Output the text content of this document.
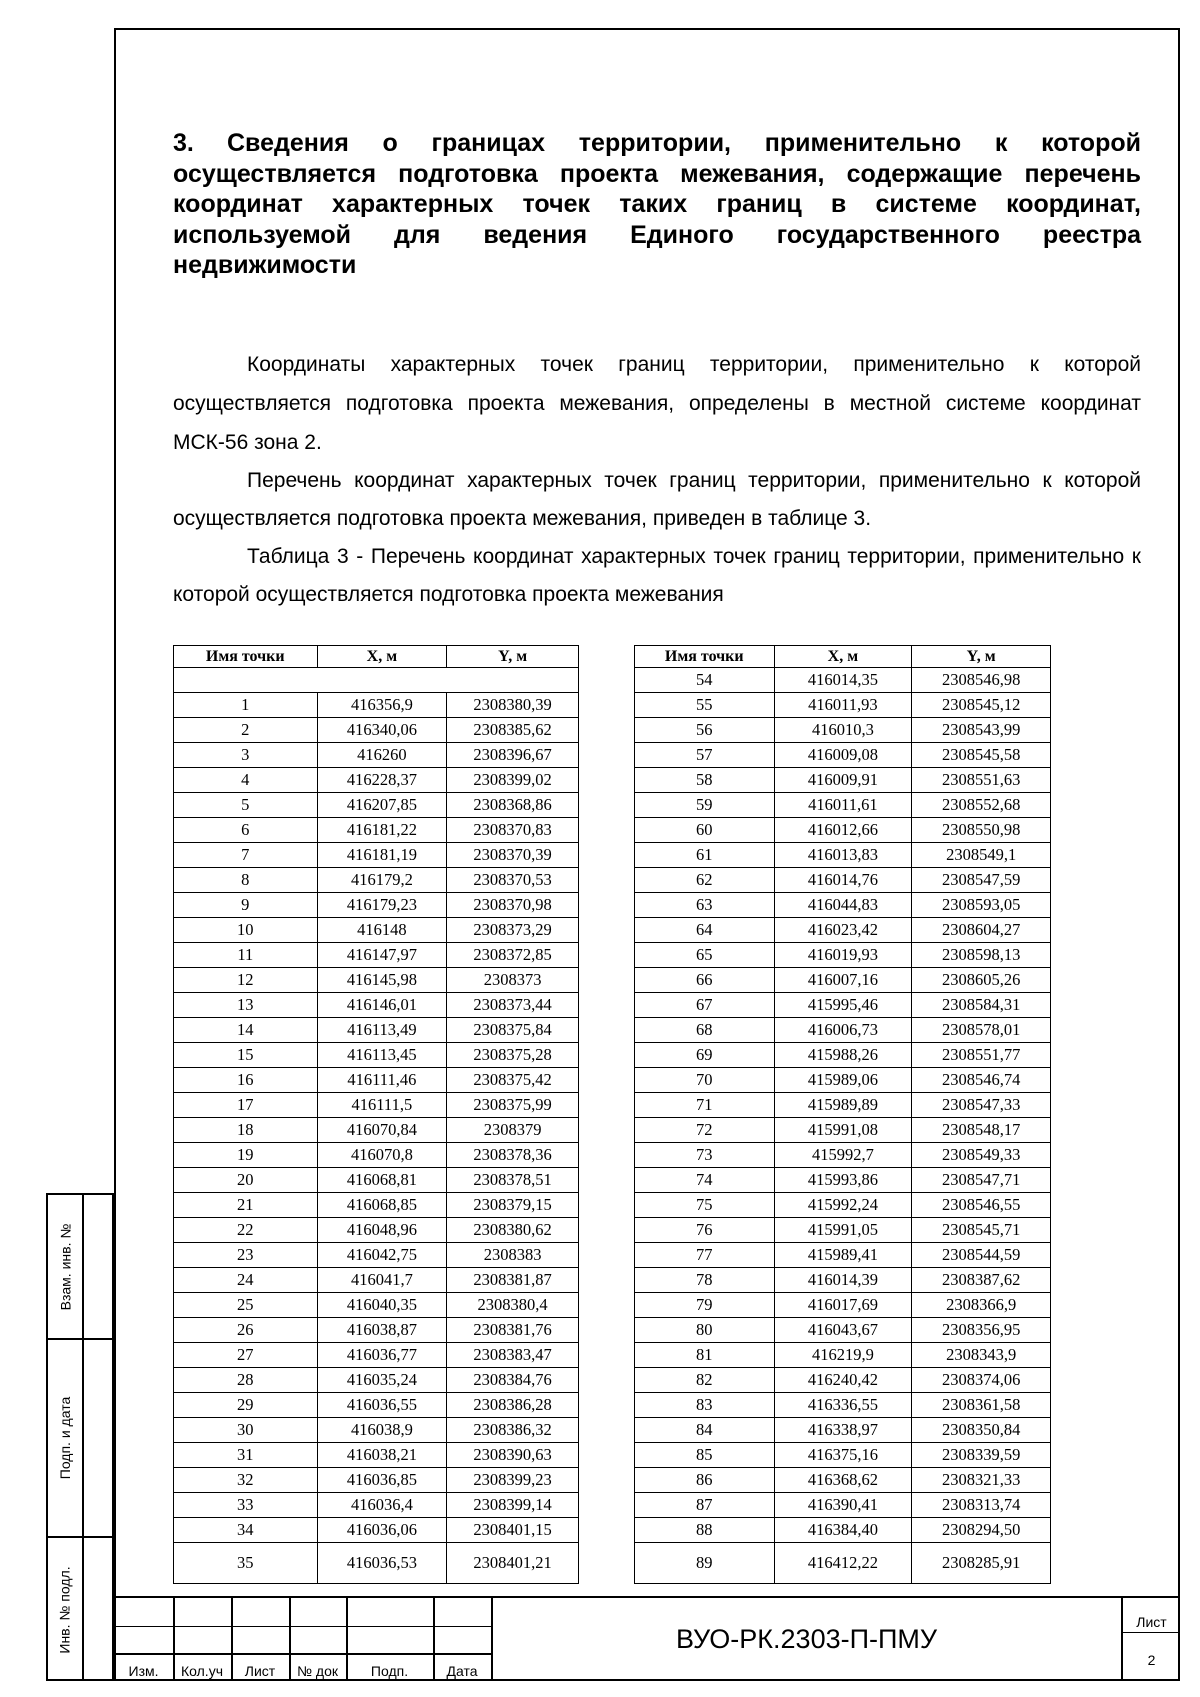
3. Сведения о границах территории, применительно к которой осуществляется подготовка проекта межевания, содержащие перечень координат характерных точек таких границ в системе координат, используемой для ведения Единого государственного реестра недвижимости

Координаты характерных точек границ территории, применительно к которой осуществляется подготовка проекта межевания, определены в местной системе координат МСК-56 зона 2.

Перечень координат характерных точек границ территории, применительно к которой осуществляется подготовка проекта межевания, приведен в таблице 3.

Таблица 3 - Перечень координат характерных точек границ территории, применительно к которой осуществляется подготовка проекта межевания

Имя точки	X, м	Y, м

1	416356,9	2308380,39
2	416340,06	2308385,62
3	416260	2308396,67
4	416228,37	2308399,02
5	416207,85	2308368,86
6	416181,22	2308370,83
7	416181,19	2308370,39
8	416179,2	2308370,53
9	416179,23	2308370,98
10	416148	2308373,29
11	416147,97	2308372,85
12	416145,98	2308373
13	416146,01	2308373,44
14	416113,49	2308375,84
15	416113,45	2308375,28
16	416111,46	2308375,42
17	416111,5	2308375,99
18	416070,84	2308379
19	416070,8	2308378,36
20	416068,81	2308378,51
21	416068,85	2308379,15
22	416048,96	2308380,62
23	416042,75	2308383
24	416041,7	2308381,87
25	416040,35	2308380,4
26	416038,87	2308381,76
27	416036,77	2308383,47
28	416035,24	2308384,76
29	416036,55	2308386,28
30	416038,9	2308386,32
31	416038,21	2308390,63
32	416036,85	2308399,23
33	416036,4	2308399,14
34	416036,06	2308401,15
35	416036,53	2308401,21
Имя точки	X, м	Y, м
54	416014,35	2308546,98
55	416011,93	2308545,12
56	416010,3	2308543,99
57	416009,08	2308545,58
58	416009,91	2308551,63
59	416011,61	2308552,68
60	416012,66	2308550,98
61	416013,83	2308549,1
62	416014,76	2308547,59
63	416044,83	2308593,05
64	416023,42	2308604,27
65	416019,93	2308598,13
66	416007,16	2308605,26
67	415995,46	2308584,31
68	416006,73	2308578,01
69	415988,26	2308551,77
70	415989,06	2308546,74
71	415989,89	2308547,33
72	415991,08	2308548,17
73	415992,7	2308549,33
74	415993,86	2308547,71
75	415992,24	2308546,55
76	415991,05	2308545,71
77	415989,41	2308544,59
78	416014,39	2308387,62
79	416017,69	2308366,9
80	416043,67	2308356,95
81	416219,9	2308343,9
82	416240,42	2308374,06
83	416336,55	2308361,58
84	416338,97	2308350,84
85	416375,16	2308339,59
86	416368,62	2308321,33
87	416390,41	2308313,74
88	416384,40	2308294,50
89	416412,22	2308285,91
Взам. инв. №
Подп. и дата
Инв. № подл.
Изм.	Кол.уч	Лист	№ док	Подп.	Дата
ВУО-РК.2303-П-ПМУ
Лист
2
